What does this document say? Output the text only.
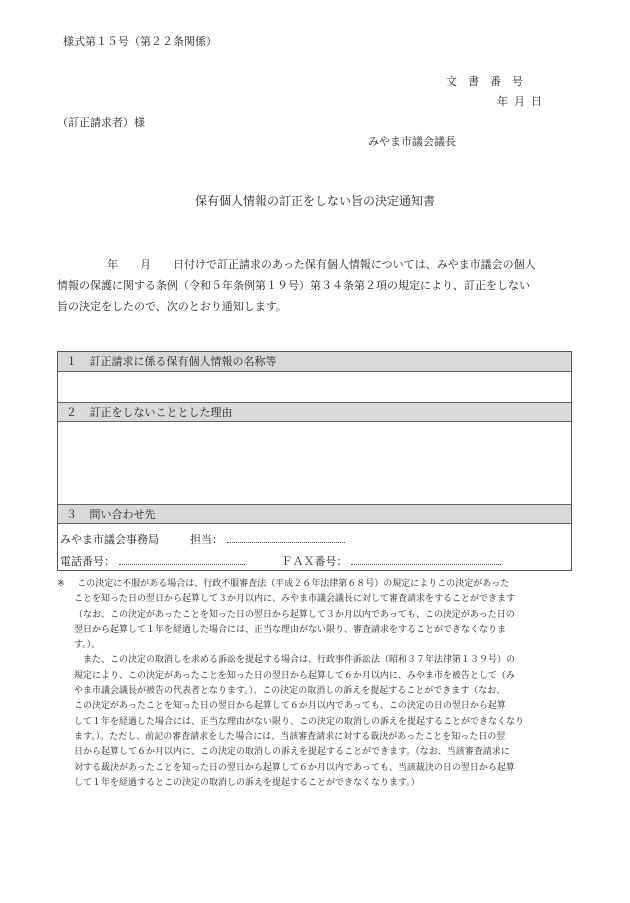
様式第１５号（第２２条関係）
文書番号
年月日
（訂正請求者）様
みやま市議会議長
保有個人情報の訂正をしない旨の決定通知書
年　　月　　日付けで訂正請求のあった保有個人情報については、みやま市議会の個人
情報の保護に関する条例（令和５年条例第１９号）第３４条第２項の規定により、訂正をしない
旨の決定をしたので、次のとおり通知します。
１ 訂正請求に係る保有個人情報の名称等
２ 訂正をしないこととした理由
３ 問い合わせ先
みやま市議会事務局	担当：
電話番号：	ＦＡＸ番号：
※ この決定に不服がある場合は、行政不服審査法（平成２６年法律第６８号）の規定によりこの決定があった
ことを知った日の翌日から起算して３か月以内に、みやま市議会議長に対して審査請求をすることができます
（なお、この決定があったことを知った日の翌日から起算して３か月以内であっても、この決定があった日の
翌日から起算して１年を経過した場合には、正当な理由がない限り、審査請求をすることができなくなりま
す。）。
また、この決定の取消しを求める訴訟を提起する場合は、行政事件訴訟法（昭和３７年法律第１３９号）の
規定により、この決定があったことを知った日の翌日から起算して６か月以内に、みやま市を被告として（み
やま市議会議長が被告の代表者となります。）、この決定の取消しの訴えを提起することができます（なお、
この決定があったことを知った日の翌日から起算して６か月以内であっても、この決定の日の翌日から起算
して１年を経過した場合には、正当な理由がない限り、この決定の取消しの訴えを提起することができなくなり
ます。）。ただし、前記の審査請求をした場合には、当該審査請求に対する裁決があったことを知った日の翌
日から起算して６か月以内に、この決定の取消しの訴えを提起することができます。（なお、当該審査請求に
対する裁決があったことを知った日の翌日から起算して６か月以内であっても、当該裁決の日の翌日から起算
して１年を経過するとこの決定の取消しの訴えを提起することができなくなります。）
